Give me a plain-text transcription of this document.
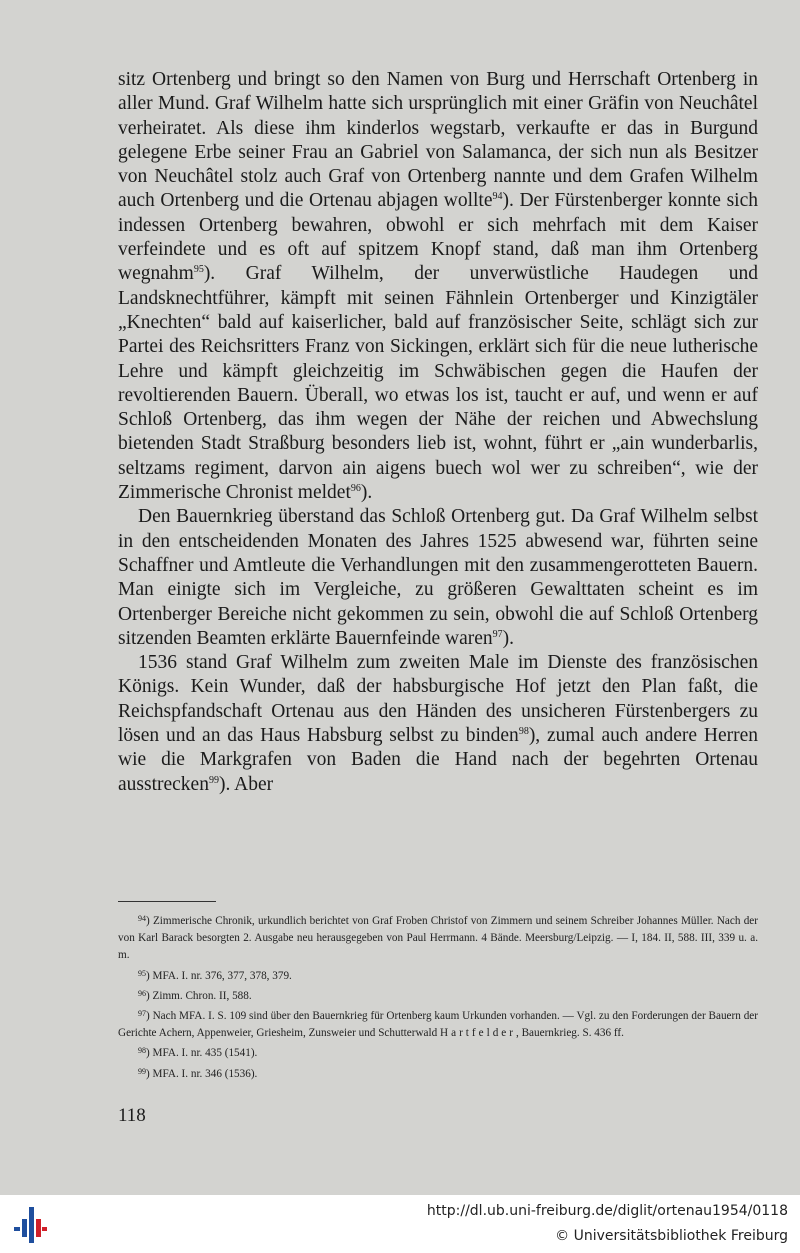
sitz Ortenberg und bringt so den Namen von Burg und Herrschaft Ortenberg in aller Mund. Graf Wilhelm hatte sich ursprünglich mit einer Gräfin von Neuchâtel verheiratet. Als diese ihm kinderlos wegstarb, verkaufte er das in Burgund gelegene Erbe seiner Frau an Gabriel von Salamanca, der sich nun als Besitzer von Neuchâtel stolz auch Graf von Ortenberg nannte und dem Grafen Wilhelm auch Ortenberg und die Ortenau abjagen wollte$^{94}$). Der Fürstenberger konnte sich indessen Ortenberg bewahren, obwohl er sich mehrfach mit dem Kaiser verfeindete und es oft auf spitzem Knopf stand, daß man ihm Ortenberg wegnahm$^{95}$). Graf Wilhelm, der unverwüstliche Haudegen und Landsknechtführer, kämpft mit seinen Fähnlein Ortenberger und Kinzigtäler „Knechten“ bald auf kaiserlicher, bald auf französischer Seite, schlägt sich zur Partei des Reichsritters Franz von Sickingen, erklärt sich für die neue lutherische Lehre und kämpft gleichzeitig im Schwäbischen gegen die Haufen der revoltierenden Bauern. Überall, wo etwas los ist, taucht er auf, und wenn er auf Schloß Ortenberg, das ihm wegen der Nähe der reichen und Abwechslung bietenden Stadt Straßburg besonders lieb ist, wohnt, führt er „ain wunderbarlis, seltzams regiment, darvon ain aigens buech wol wer zu schreiben“, wie der Zimmerische Chronist meldet$^{96}$).

Den Bauernkrieg überstand das Schloß Ortenberg gut. Da Graf Wilhelm selbst in den entscheidenden Monaten des Jahres 1525 abwesend war, führten seine Schaffner und Amtleute die Verhandlungen mit den zusammengerotteten Bauern. Man einigte sich im Vergleiche, zu größeren Gewalttaten scheint es im Ortenberger Bereiche nicht gekommen zu sein, obwohl die auf Schloß Ortenberg sitzenden Beamten erklärte Bauernfeinde waren$^{97}$).

1536 stand Graf Wilhelm zum zweiten Male im Dienste des französischen Königs. Kein Wunder, daß der habsburgische Hof jetzt den Plan faßt, die Reichspfandschaft Ortenau aus den Händen des unsicheren Fürstenbergers zu lösen und an das Haus Habsburg selbst zu binden$^{98}$), zumal auch andere Herren wie die Markgrafen von Baden die Hand nach der begehrten Ortenau ausstrecken$^{99}$). Aber

$^{94}$) Zimmerische Chronik, urkundlich berichtet von Graf Froben Christof von Zimmern und seinem Schreiber Johannes Müller. Nach der von Karl Barack besorgten 2. Ausgabe neu herausgegeben von Paul Herrmann. 4 Bände. Meersburg/Leipzig. — I, 184. II, 588. III, 339 u. a. m.

$^{95}$) MFA. I. nr. 376, 377, 378, 379.

$^{96}$) Zimm. Chron. II, 588.

$^{97}$) Nach MFA. I. S. 109 sind über den Bauernkrieg für Ortenberg kaum Urkunden vorhanden. — Vgl. zu den Forderungen der Bauern der Gerichte Achern, Appenweier, Griesheim, Zunsweier und Schutterwald Hartfelder, Bauernkrieg. S. 436 ff.

$^{98}$) MFA. I. nr. 435 (1541).

$^{99}$) MFA. I. nr. 346 (1536).

118
http://dl.ub.uni-freiburg.de/diglit/ortenau1954/0118
© Universitätsbibliothek Freiburg
